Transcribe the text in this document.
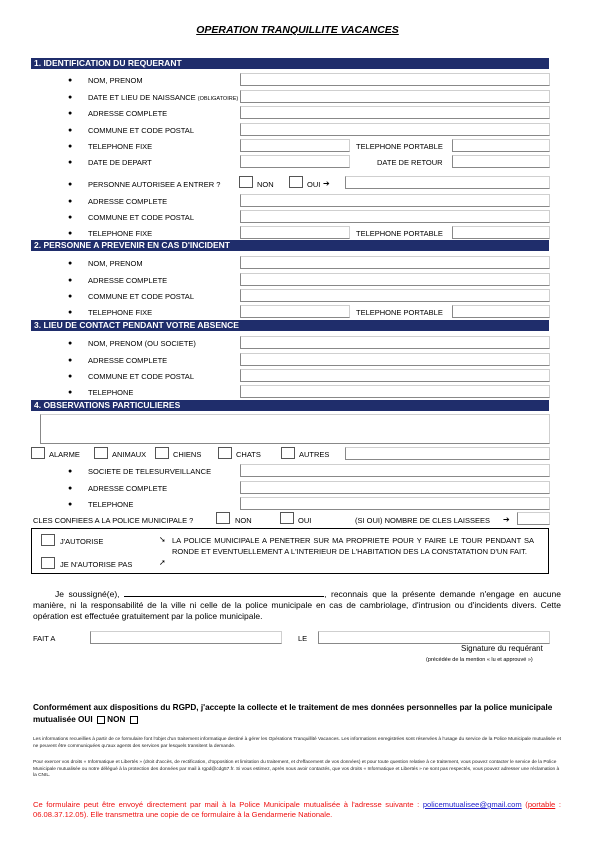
OPERATION TRANQUILLITE VACANCES
1. IDENTIFICATION DU REQUERANT
● NOM, PRENOM
● DATE ET LIEU DE NAISSANCE (OBLIGATOIRE)
● ADRESSE COMPLETE
● COMMUNE ET CODE POSTAL
● TELEPHONE FIXE	TELEPHONE PORTABLE
● DATE DE DEPART	DATE DE RETOUR
● PERSONNE AUTORISEE A ENTRER ?	NON	OUI ➔
● ADRESSE COMPLETE
● COMMUNE ET CODE POSTAL
● TELEPHONE FIXE	TELEPHONE PORTABLE
2. PERSONNE A PREVENIR EN CAS D'INCIDENT
● NOM, PRENOM
● ADRESSE COMPLETE
● COMMUNE ET CODE POSTAL
● TELEPHONE FIXE	TELEPHONE PORTABLE
3. LIEU DE CONTACT PENDANT VOTRE ABSENCE
● NOM, PRENOM (OU SOCIETE)
● ADRESSE COMPLETE
● COMMUNE ET CODE POSTAL
● TELEPHONE
4. OBSERVATIONS PARTICULIERES
ALARME	ANIMAUX	CHIENS	CHATS	AUTRES
● SOCIETE DE TELESURVEILLANCE
● ADRESSE COMPLETE
● TELEPHONE
CLES CONFIEES A LA POLICE MUNICIPALE ?	NON	OUI	(SI OUI) NOMBRE DE CLES LAISSEES ➔
J'AUTORISE
JE N'AUTORISE PAS
➘
➚
LA POLICE MUNICIPALE A PENETRER SUR MA PROPRIETE POUR Y FAIRE LE TOUR PENDANT SA RONDE ET EVENTUELLEMENT A L'INTERIEUR DE L'HABITATION DES LA CONSTATATION D'UN FAIT.
Je soussigné(e),	, reconnais que la présente demande n'engage en aucune manière, ni la responsabilité de la ville ni celle de la police municipale en cas de cambriolage, d'intrusion ou d'incidents divers. Cette opération est effectuée gratuitement par la police municipale.
FAIT A	LE
Signature du requérant
(précédée de la mention « lu et approuvé »)
Conformément aux dispositions du RGPD, j'accepte la collecte et le traitement de mes données personnelles par la police municipale mutualisée OUI NON
Les informations recueillies à partir de ce formulaire font l'objet d'un traitement informatique destiné à gérer les Opérations Tranquillité Vacances. Les informations enregistrées sont réservées à l'usage du service de la Police Municipale mutualisée et ne peuvent être communiquées qu'aux agents des services par lesquels transitent la demande.
Pour exercer vos droits « Informatique et Libertés » (droit d'accès, de rectification, d'opposition et limitation du traitement, et d'effacement de vos données) et pour toute question relative à ce traitement, vous pouvez contacter le service de la Police Municipale mutualisée ou notre délégué à la protection des données par mail à rgpd@cdg57.fr. Si vous estimez, après nous avoir contactés, que vos droits « Informatique et Libertés » ne sont pas respectés, vous pouvez adresser une réclamation à la CNIL.
Ce formulaire peut être envoyé directement par mail à la Police Municipale mutualisée à l'adresse suivante : policemutualisee@gmail.com (portable : 06.08.37.12.05). Elle transmettra une copie de ce formulaire à la Gendarmerie Nationale.
